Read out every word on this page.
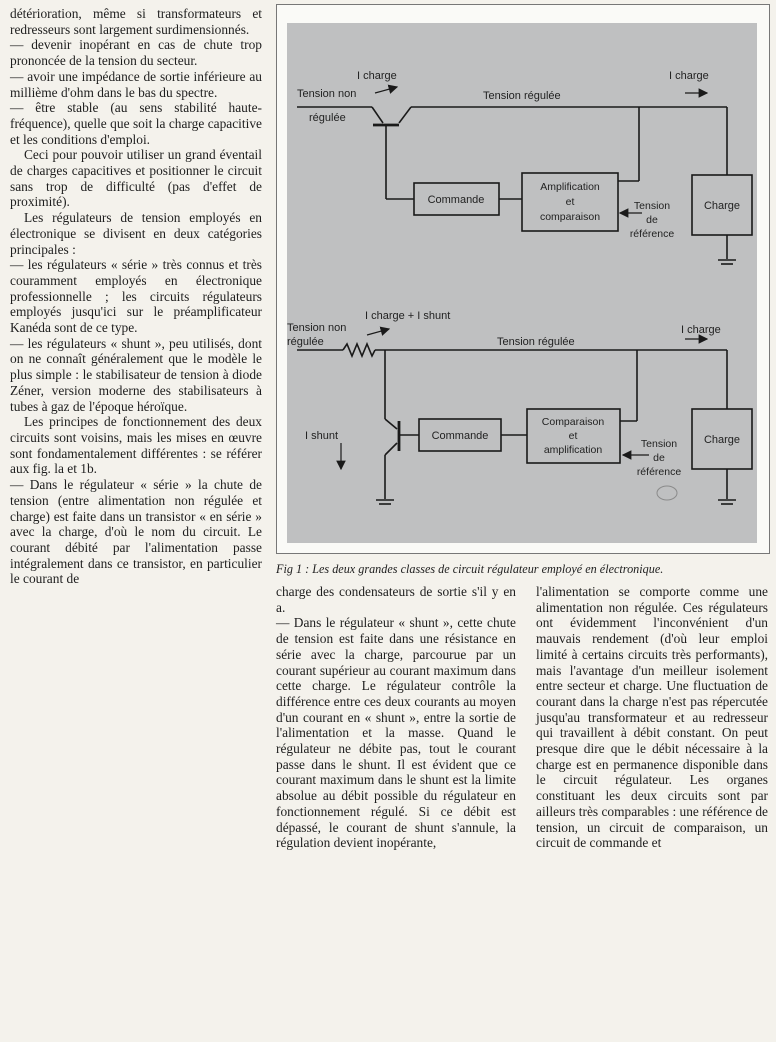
détérioration, même si transformateurs et redresseurs sont largement surdimensionnés.

— devenir inopérant en cas de chute trop prononcée de la tension du secteur.

— avoir une impédance de sortie inférieure au millième d'ohm dans le bas du spectre.

— être stable (au sens stabilité haute-fréquence), quelle que soit la charge capacitive et les conditions d'emploi.

Ceci pour pouvoir utiliser un grand éventail de charges capacitives et positionner le circuit sans trop de difficulté (pas d'effet de proximité).

Les régulateurs de tension employés en électronique se divisent en deux catégories principales :

— les régulateurs « série » très connus et très couramment employés en électronique professionnelle ; les circuits régulateurs employés jusqu'ici sur le préamplificateur Kanéda sont de ce type.

— les régulateurs « shunt », peu utilisés, dont on ne connaît généralement que le modèle le plus simple : le stabilisateur de tension à diode Zéner, version moderne des stabilisateurs à tubes à gaz de l'époque héroïque.

Les principes de fonctionnement des deux circuits sont voisins, mais les mises en œuvre sont fondamentalement différentes : se référer aux fig. la et 1b.

— Dans le régulateur « série » la chute de tension (entre alimentation non régulée et charge) est faite dans un transistor « en série » avec la charge, d'où le nom du circuit. Le courant débité par l'alimentation passe intégralement dans ce transistor, en particulier le courant de

I charge	I charge
Tension non
régulée
Tension régulée
Commande
Amplification
et
comparaison
Tension
de
référence
Charge
I charge + I shunt
I charge
Tension non
régulée	Tension régulée
I shunt	Commande
Comparaison
et
amplification	Tension
de
référence
Charge
Fig 1 : Les deux grandes classes de circuit régulateur employé en électronique.

charge des condensateurs de sortie s'il y en a.

— Dans le régulateur « shunt », cette chute de tension est faite dans une résistance en série avec la charge, parcourue par un courant supérieur au courant maximum dans cette charge. Le régulateur contrôle la différence entre ces deux courants au moyen d'un courant en « shunt », entre la sortie de l'alimentation et la masse. Quand le régulateur ne débite pas, tout le courant passe dans le shunt. Il est évident que ce courant maximum dans le shunt est la limite absolue au débit possible du régulateur en fonctionnement régulé. Si ce débit est dépassé, le courant de shunt s'annule, la régulation devient inopérante,

l'alimentation se comporte comme une alimentation non régulée. Ces régulateurs ont évidemment l'inconvénient d'un mauvais rendement (d'où leur emploi limité à certains circuits très performants), mais l'avantage d'un meilleur isolement entre secteur et charge. Une fluctuation de courant dans la charge n'est pas répercutée jusqu'au transformateur et au redresseur qui travaillent à débit constant. On peut presque dire que le débit nécessaire à la charge est en permanence disponible dans le circuit régulateur. Les organes constituant les deux circuits sont par ailleurs très comparables : une référence de tension, un circuit de comparaison, un circuit de commande et
